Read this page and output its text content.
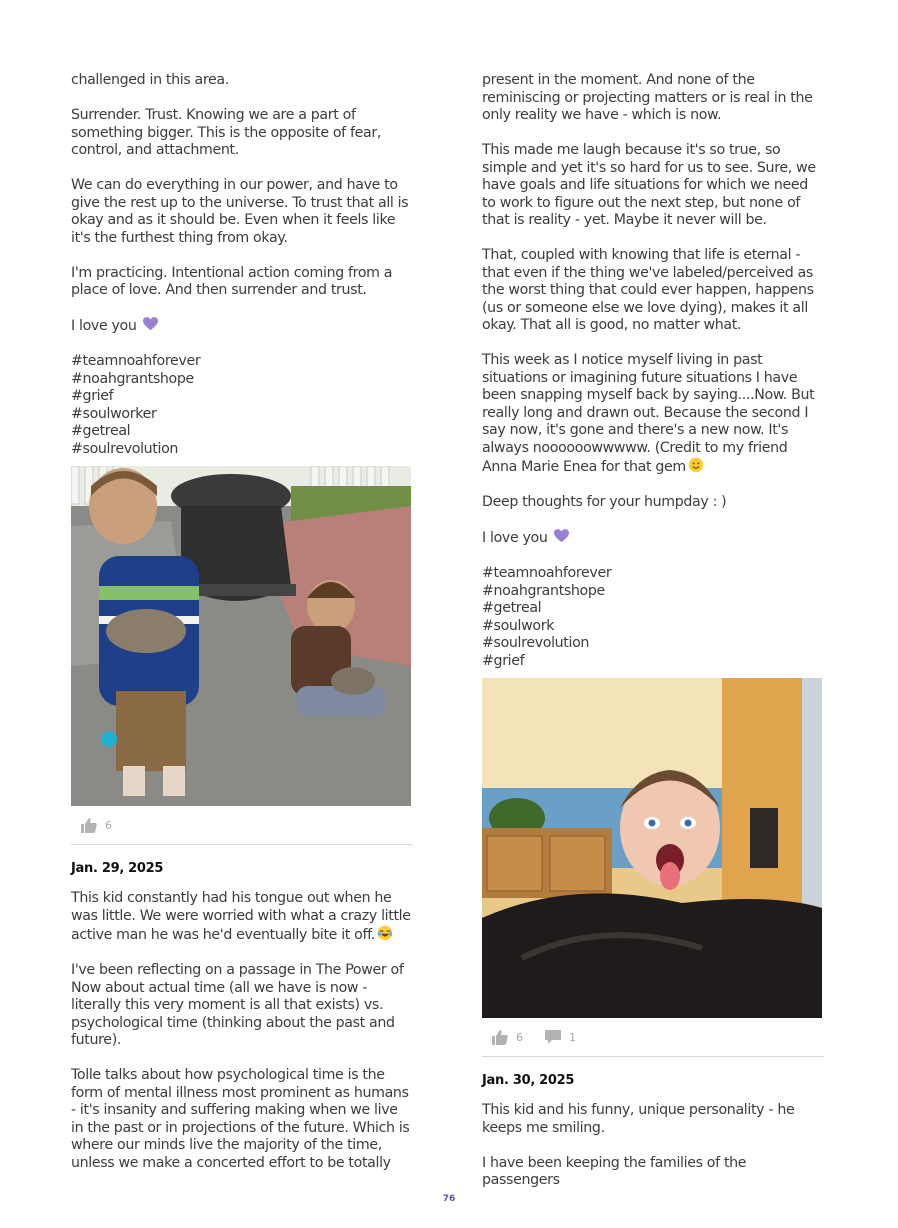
challenged in this area.

Surrender. Trust. Knowing we are a part of something bigger. This is the opposite of fear, control, and attachment.

We can do everything in our power, and have to give the rest up to the universe. To trust that all is okay and as it should be. Even when it feels like it's the furthest thing from okay.

I'm practicing. Intentional action coming from a place of love. And then surrender and trust.

I love you

#teamnoahforever
#noahgrantshope
#grief
#soulworker
#getreal
#soulrevolution
6
Jan. 29, 2025

This kid constantly had his tongue out when he was little. We were worried with what a crazy little active man he was he'd eventually bite it off.

I've been reflecting on a passage in The Power of Now about actual time (all we have is now - literally this very moment is all that exists) vs. psychological time (thinking about the past and future).

Tolle talks about how psychological time is the form of mental illness most prominent as humans - it's insanity and suffering making when we live in the past or in projections of the future. Which is where our minds live the majority of the time, unless we make a concerted effort to be totally

present in the moment. And none of the reminiscing or projecting matters or is real in the only reality we have - which is now.

This made me laugh because it's so true, so simple and yet it's so hard for us to see. Sure, we have goals and life situations for which we need to work to figure out the next step, but none of that is reality - yet. Maybe it never will be.

That, coupled with knowing that life is eternal - that even if the thing we've labeled/perceived as the worst thing that could ever happen, happens (us or someone else we love dying), makes it all okay. That all is good, no matter what.

This week as I notice myself living in past situations or imagining future situations I have been snapping myself back by saying....Now. But really long and drawn out. Because the second I say now, it's gone and there's a new now. It's always noooooowwwww. (Credit to my friend Anna Marie Enea for that gem

Deep thoughts for your humpday : )

I love you

#teamnoahforever
#noahgrantshope
#getreal
#soulwork
#soulrevolution
#grief
6	1
Jan. 30, 2025

This kid and his funny, unique personality - he keeps me smiling.

I have been keeping the families of the passengers

76
